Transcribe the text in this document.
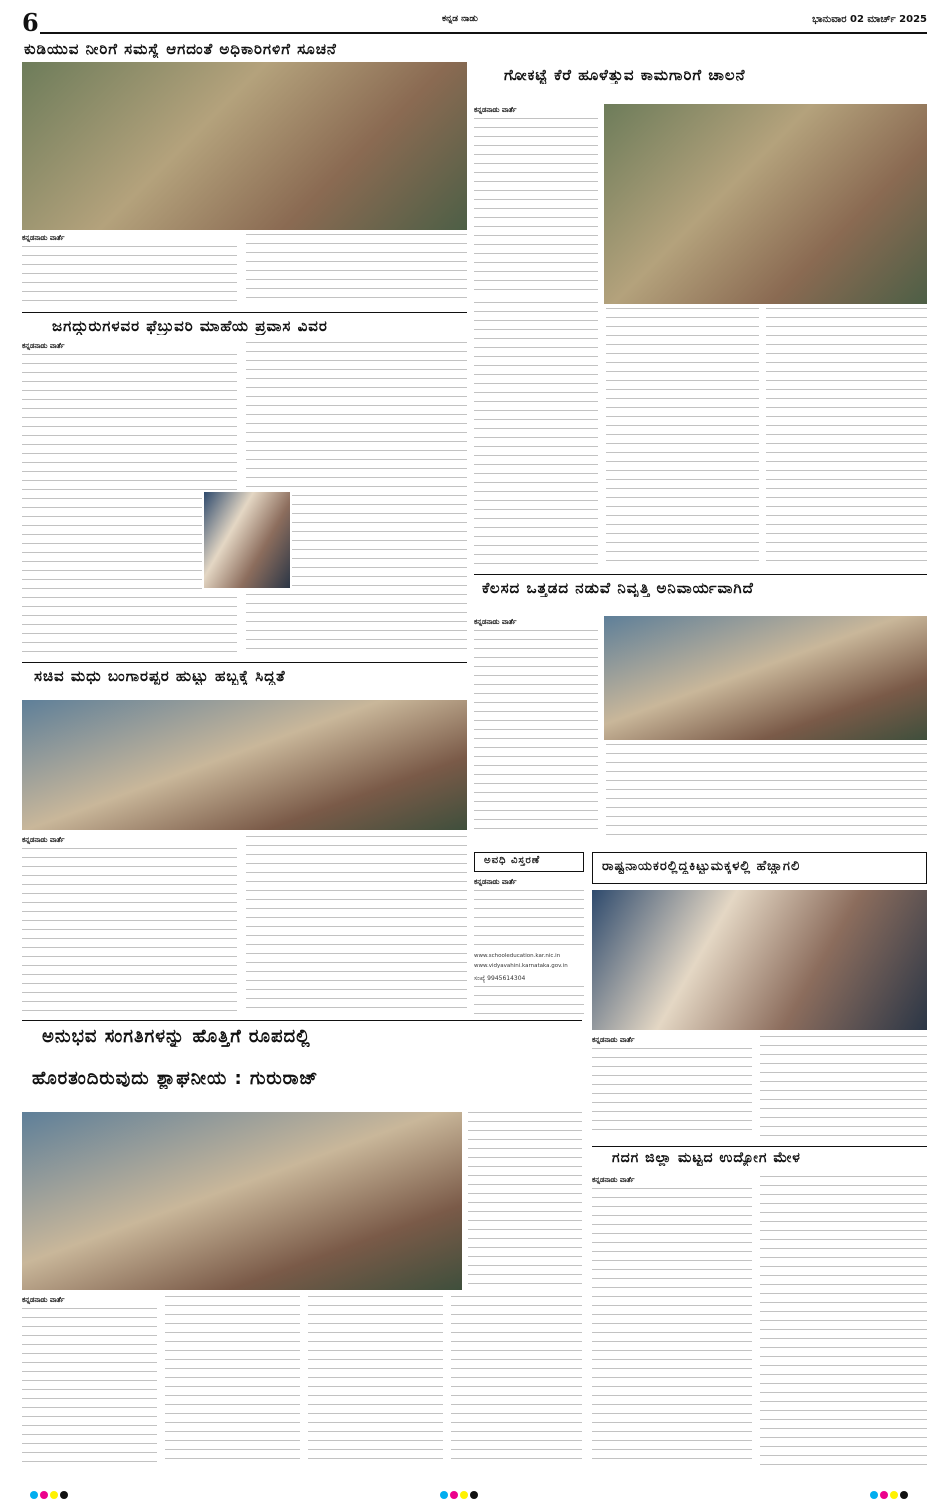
6	ಕನ್ನಡ ನಾಡು	ಭಾನುವಾರ 02 ಮಾರ್ಚ್ 2025
ಕುಡಿಯುವ ನೀರಿಗೆ ಸಮಸ್ಯೆ ಆಗದಂತೆ ಅಧಿಕಾರಿಗಳಿಗೆ ಸೂಚನೆ
ಕನ್ನಡನಾಡು ವಾರ್ತೆ
ಜಗದ್ಗುರುಗಳವರ ಫೆಬ್ರುವರಿ ಮಾಹೆಯ ಪ್ರವಾಸ ವಿವರ
ಕನ್ನಡನಾಡು ವಾರ್ತೆ
ಸಚಿವ ಮಧು ಬಂಗಾರಪ್ಪರ ಹುಟ್ಟು ಹಬ್ಬಕ್ಕೆ ಸಿದ್ಧತೆ
ಕನ್ನಡನಾಡು ವಾರ್ತೆ
ಗೋಕಟ್ಟೆ ಕೆರೆ ಹೂಳೆತ್ತುವ ಕಾಮಗಾರಿಗೆ ಚಾಲನೆ
ಕನ್ನಡನಾಡು ವಾರ್ತೆ
ಕೆಲಸದ ಒತ್ತಡದ ನಡುವೆ ನಿವೃತ್ತಿ ಅನಿವಾರ್ಯವಾಗಿದೆ
ಕನ್ನಡನಾಡು ವಾರ್ತೆ
ಅವಧಿ ವಿಸ್ತರಣೆ
ಕನ್ನಡನಾಡು ವಾರ್ತೆ
www.schooleducation.kar.nic.in
www.vidyavahini.karnataka.gov.in
ಸಂಖ್ಯೆ 9945614304
ರಾಷ್ಟನಾಯಕರಲ್ಲಿದ್ದಕಿಟ್ಟುಮಕ್ಕಳಲ್ಲಿ ಹೆಚ್ಚಾಗಲಿ
ಕನ್ನಡನಾಡು ವಾರ್ತೆ
ಅನುಭವ ಸಂಗತಿಗಳನ್ನು ಹೊತ್ತಿಗೆ ರೂಪದಲ್ಲಿ
ಹೊರತಂದಿರುವುದು ಶ್ಲಾಘನೀಯ : ಗುರುರಾಜ್
ಕನ್ನಡನಾಡು ವಾರ್ತೆ
ಗದಗ ಜಿಲ್ಲಾ ಮಟ್ಟದ ಉದ್ಯೋಗ ಮೇಳ
ಕನ್ನಡನಾಡು ವಾರ್ತೆ
